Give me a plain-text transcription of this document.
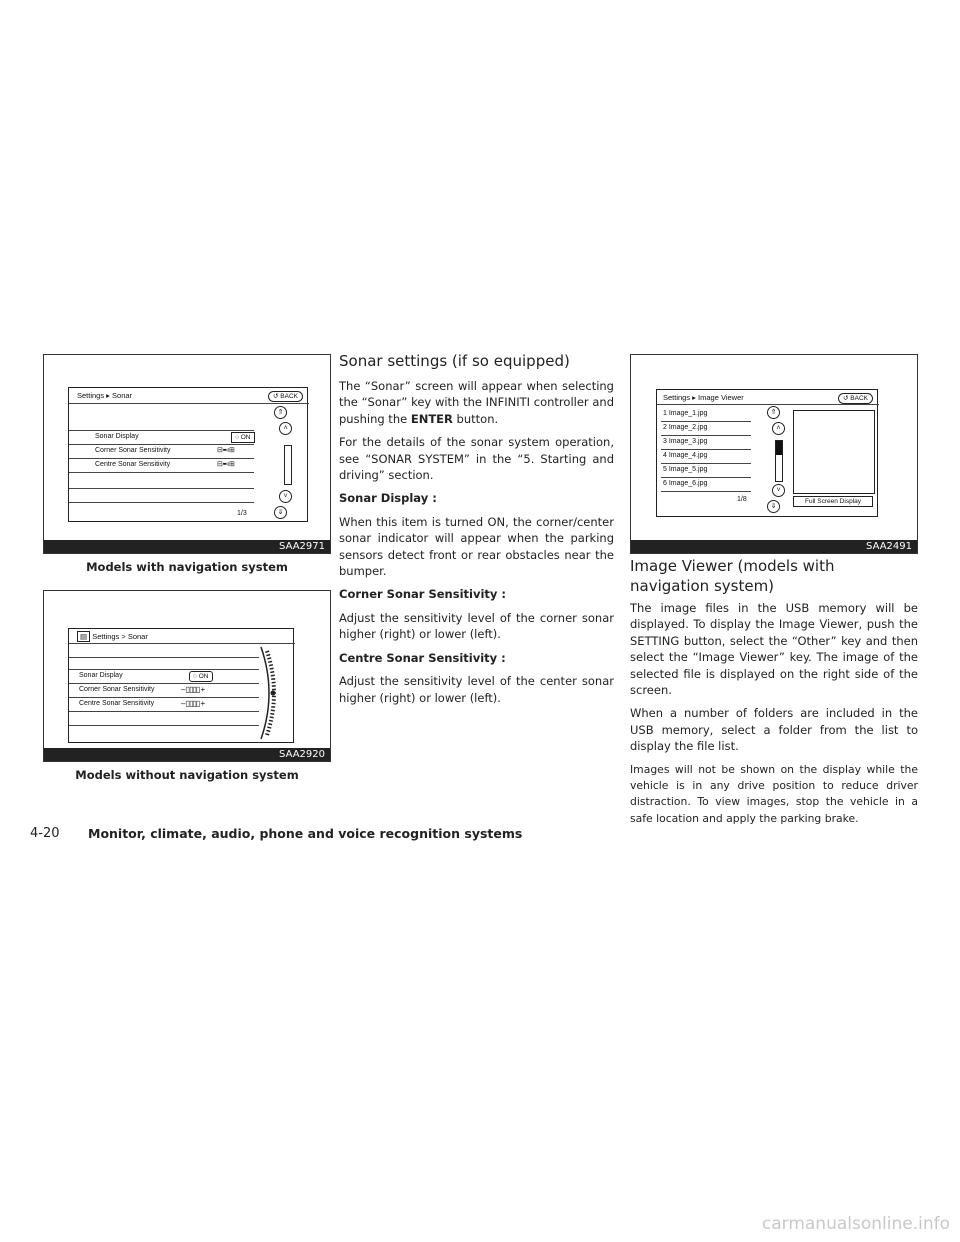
Settings ▸ Sonar	↺ BACK
Sonar Display	○ ON
Corner Sonar Sensitivity	⊟ ▪▪·ı ⊞
Centre Sonar Sensitivity	⊟ ▪▪·ı ⊞
⇑
˄
˅
⇓
1/3
SAA2971
Models with navigation system
▤ Settings > Sonar
Sonar Display	○ ON
Corner Sonar Sensitivity	– ▯▯▯▯ +
Centre Sonar Sensitivity	– ▯▯▯▯ +
SAA2920
Models without navigation system
Settings ▸ Image Viewer	↺ BACK
1 Image_1.jpg
2 Image_2.jpg
3 Image_3.jpg
4 Image_4.jpg
5 Image_5.jpg
6 Image_6.jpg
1/8
⇑
˄
˅
⇓
Full Screen Display
SAA2491
Sonar settings (if so equipped)

The “Sonar” screen will appear when selecting the “Sonar” key with the INFINITI controller and pushing the ENTER button.

For the details of the sonar system operation, see “SONAR SYSTEM” in the “5. Starting and driving” section.

Sonar Display :

When this item is turned ON, the corner/center sonar indicator will appear when the parking sensors detect front or rear obstacles near the bumper.

Corner Sonar Sensitivity :

Adjust the sensitivity level of the corner sonar higher (right) or lower (left).

Centre Sonar Sensitivity :

Adjust the sensitivity level of the center sonar higher (right) or lower (left).

Image Viewer (models with navigation system)

The image files in the USB memory will be displayed. To display the Image Viewer, push the SETTING button, select the “Other” key and then select the “Image Viewer” key. The image of the selected file is displayed on the right side of the screen.

When a number of folders are included in the USB memory, select a folder from the list to display the file list.

Images will not be shown on the display while the vehicle is in any drive position to reduce driver distraction. To view images, stop the vehicle in a safe location and apply the parking brake.

4-20 Monitor, climate, audio, phone and voice recognition systems
carmanualsonline.info
